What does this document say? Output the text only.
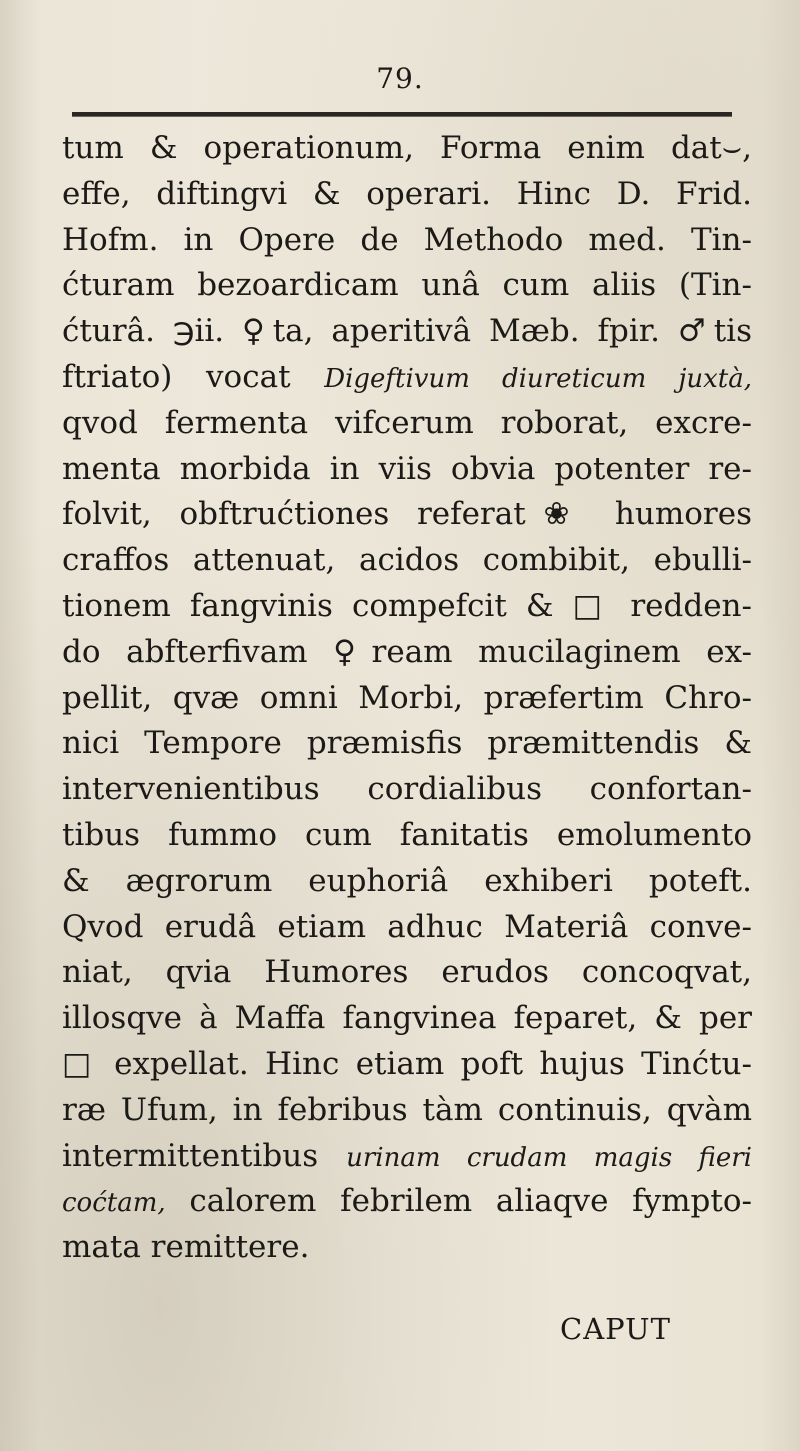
79.
tum & operationum, Forma enim dat⌣,
effe, diftingvi & operari. Hinc D. Frid.
Hofm. in Opere de Methodo med. Tin-
ćturam bezoardicam unâ cum aliis (Tin-
ćturâ. ℈ii. ♀ta, aperitivâ Mæb. fpir. ♂tis
ftriato) vocat Digeftivum diureticum juxtà,
qvod fermenta vifcerum roborat, excre-
menta morbida in viis obvia potenter re-
folvit, obftrućtiones referat❀ humores
craffos attenuat, acidos combibit, ebulli-
tionem fangvinis compefcit & □ redden-
do abfterfivam ♀ream mucilaginem ex-
pellit, qvæ omni Morbi, præfertim Chro-
nici Tempore præmisfis præmittendis &
intervenientibus cordialibus confortan-
tibus fummo cum fanitatis emolumento
& ægrorum euphoriâ exhiberi poteft.
Qvod erudâ etiam adhuc Materiâ conve-
niat, qvia Humores erudos concoqvat,
illosqve à Maffa fangvinea feparet, & per
□ expellat. Hinc etiam poft hujus Tinćtu-
ræ Ufum, in febribus tàm continuis, qvàm
intermittentibus urinam crudam magis fieri
coćtam, calorem febrilem aliaqve fympto-
mata remittere.
CAPUT
